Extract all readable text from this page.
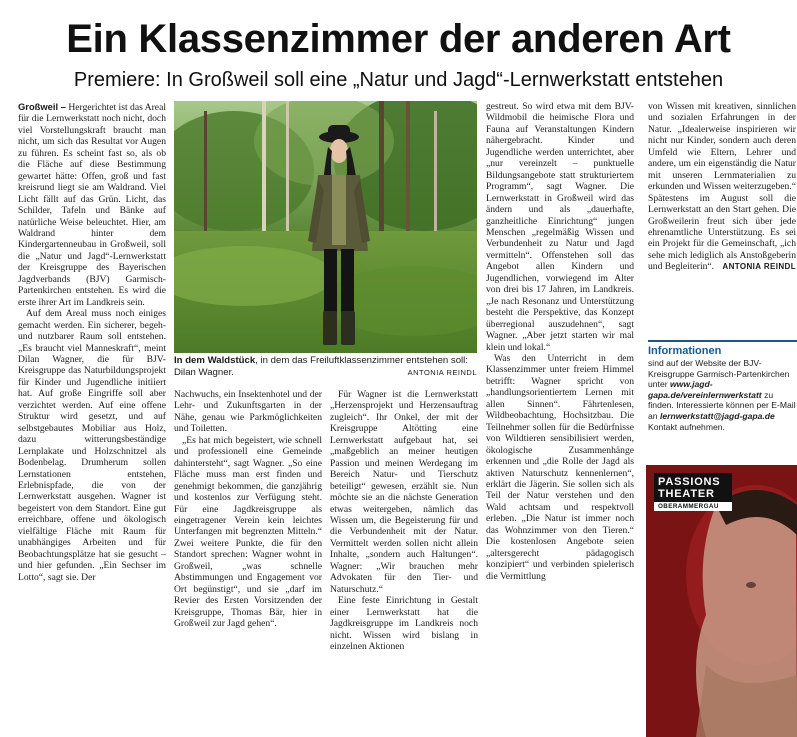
Ein Klassenzimmer der anderen Art
Premiere: In Großweil soll eine „Natur und Jagd“-Lernwerkstatt entstehen

Großweil – Hergerichtet ist das Areal für die Lernwerkstatt noch nicht, doch viel Vorstellungskraft braucht man nicht, um sich das Resultat vor Augen zu führen. Es scheint fast so, als ob die Fläche auf diese Bestimmung gewartet hätte: Offen, groß und fast kreisrund liegt sie am Waldrand. Viel Licht fällt auf das Grün. Licht, das Schilder, Tafeln und Bänke auf natürliche Weise beleuchtet. Hier, am Waldrand hinter dem Kindergartenneubau in Großweil, soll die „Natur und Jagd“-Lernwerkstatt der Kreisgruppe des Bayerischen Jagdverbands (BJV) Garmisch-Partenkirchen entstehen. Es wird die erste ihrer Art im Landkreis sein.

Auf dem Areal muss noch einiges gemacht werden. Ein sicherer, begeh- und nutzbarer Raum soll entstehen. „Es braucht viel Manneskraft“, meint Dilan Wagner, die für BJV-Kreisgruppe das Naturbildungsprojekt für Kinder und Jugendliche initiiert hat. Auf große Eingriffe soll aber verzichtet werden. Auf eine offene Struktur wird gesetzt, und auf selbstgebautes Mobiliar aus Holz, dazu witterungsbeständige Lernplakate und Holzschnitzel als Bodenbelag. Drumherum sollen Lernstationen entstehen, Erlebnispfade, die von der Lernwerkstatt ausgehen. Wagner ist begeistert von dem Standort. Eine gut erreichbare, offene und ökologisch vielfältige Fläche mit Raum für unabhängiges Arbeiten und für Beobachtungsplätze hat sie gesucht – und hier gefunden. „Ein Sechser im Lotto“, sagt sie. Der

In dem Waldstück, in dem das Freiluftklassenzimmer entstehen soll: Dilan Wagner.	ANTONIA REINDL

Nachwuchs, ein Insektenhotel und der Lehr- und Zukunftsgarten in der Nähe, genau wie Parkmöglichkeiten und Toiletten.

„Es hat mich begeistert, wie schnell und professionell eine Gemeinde dahintersteht“, sagt Wagner. „So eine Fläche muss man erst finden und genehmigt bekommen, die ganzjährig und kostenlos zur Verfügung steht. Für eine Jagdkreisgruppe als eingetragener Verein kein leichtes Unterfangen mit begrenzten Mitteln.“ Zwei weitere Punkte, die für den Standort sprechen: Wagner wohnt in Großweil, „was schnelle Abstimmungen und Engagement vor Ort begünstigt“, und sie „darf im Revier des Ersten Vorsitzenden der Kreisgruppe, Thomas Bär, hier in Großweil zur Jagd gehen“.

Für Wagner ist die Lernwerkstatt „Herzensprojekt und Herzensauftrag zugleich“. Ihr Onkel, der mit der Kreisgruppe Altötting eine Lernwerkstatt aufgebaut hat, sei „maßgeblich an meiner heutigen Passion und meinen Werdegang im Bereich Natur- und Tierschutz beteiligt“ gewesen, erzählt sie. Nun möchte sie an die nächste Generation etwas weitergeben, nämlich das Wissen um, die Begeisterung für und die Verbundenheit mit der Natur. Vermittelt werden sollen nicht allein Inhalte, „sondern auch Haltungen“. Wagner: „Wir brauchen mehr Advokaten für den Tier- und Naturschutz.“

Eine feste Einrichtung in Gestalt einer Lernwerkstatt hat die Jagdkreisgruppe im Landkreis noch nicht. Wissen wird bislang in einzelnen Aktionen

gestreut. So wird etwa mit dem BJV-Wildmobil die heimische Flora und Fauna auf Veranstaltungen Kindern nähergebracht. Kinder und Jugendliche werden unterrichtet, aber „nur vereinzelt – punktuelle Bildungsangebote statt strukturiertem Programm“, sagt Wagner. Die Lernwerkstatt in Großweil wird das ändern und als „dauerhafte, ganzheitliche Einrichtung“ jungen Menschen „regelmäßig Wissen und Verbundenheit zu Natur und Jagd vermitteln“. Offenstehen soll das Angebot allen Kindern und Jugendlichen, vorwiegend im Alter von drei bis 17 Jahren, im Landkreis. „Je nach Resonanz und Unterstützung besteht die Perspektive, das Konzept überregional auszudehnen“, sagt Wagner. „Aber jetzt starten wir mal klein und lokal.“

Was den Unterricht in dem Klassenzimmer unter freiem Himmel betrifft: Wagner spricht von „handlungsorientiertem Lernen mit allen Sinnen“. Fährtenlesen, Wildbeobachtung, Hochsitzbau. Die Teilnehmer sollen für die Bedürfnisse von Wildtieren sensibilisiert werden, ökologische Zusammenhänge erkennen und „die Rolle der Jagd als aktiven Naturschutz kennenlernen“, erklärt die Jägerin. Sie sollen sich als Teil der Natur verstehen und den Wald achtsam und respektvoll erleben. „Die Natur ist immer noch das Wohnzimmer von den Tieren.“ Die kostenlosen Angebote seien „altersgerecht pädagogisch konzipiert“ und verbinden spielerisch die Vermittlung

von Wissen mit kreativen, sinnlichen und sozialen Erfahrungen in der Natur. „Idealerweise inspirieren wir nicht nur Kinder, sondern auch deren Umfeld wie Eltern, Lehrer und andere, um ein eigenständig die Natur mit unseren Lernmaterialien zu erkunden und Wissen weiterzugeben.“ Spätestens im August soll die Lernwerkstatt an den Start gehen. Die Großweilerin freut sich über jede ehrenamtliche Unterstützung. Es sei ein Projekt für die Gemeinschaft, „ich sehe mich lediglich als Anstoßgeberin und Begleiterin“. ANTONIA REINDL

Informationen
sind auf der Website der BJV-Kreisgruppe Garmisch-Partenkirchen unter www.jagd-gapa.de/vereinlernwerkstatt zu finden. Interessierte können per E-Mail an lernwerkstatt@jagd-gapa.de Kontakt aufnehmen.
PASSIONS
THEATER
OBERAMMERGAU
